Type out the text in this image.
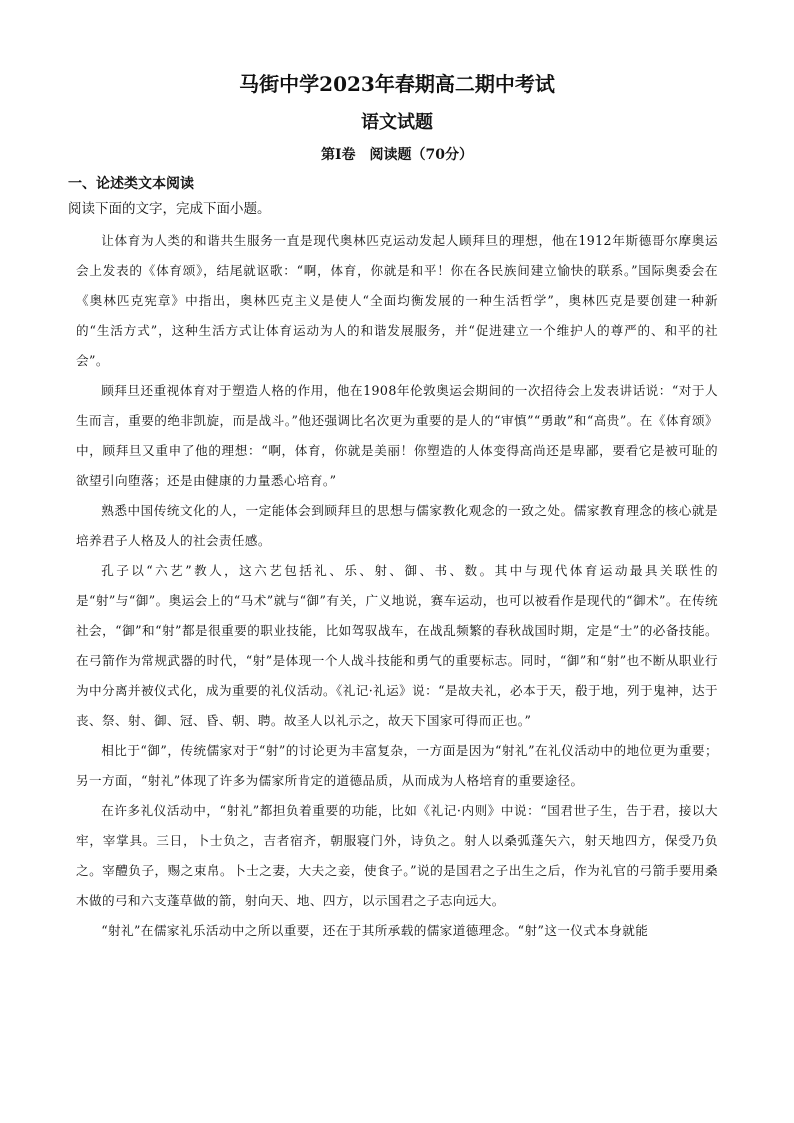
马街中学2023年春期高二期中考试
语文试题
第I卷　阅读题（70分）
一、论述类文本阅读
阅读下面的文字，完成下面小题。

让体育为人类的和谐共生服务一直是现代奥林匹克运动发起人顾拜旦的理想，他在1912年斯德哥尔摩奥运会上发表的《体育颂》，结尾就讴歌：“啊，体育，你就是和平！你在各民族间建立愉快的联系。”国际奥委会在《奥林匹克宪章》中指出，奥林匹克主义是使人“全面均衡发展的一种生活哲学”，奥林匹克是要创建一种新的“生活方式”，这种生活方式让体育运动为人的和谐发展服务，并“促进建立一个维护人的尊严的、和平的社会”。

顾拜旦还重视体育对于塑造人格的作用，他在1908年伦敦奥运会期间的一次招待会上发表讲话说：“对于人生而言，重要的绝非凯旋，而是战斗。”他还强调比名次更为重要的是人的“审慎”“勇敢”和“高贵”。在《体育颂》中，顾拜旦又重申了他的理想：“啊，体育，你就是美丽！你塑造的人体变得高尚还是卑鄙，要看它是被可耻的欲望引向堕落；还是由健康的力量悉心培育。”

熟悉中国传统文化的人，一定能体会到顾拜旦的思想与儒家教化观念的一致之处。儒家教育理念的核心就是培养君子人格及人的社会责任感。

孔子以“六艺”教人，这六艺包括礼、乐、射、御、书、数。其中与现代体育运动最具关联性的是“射”与“御”。奥运会上的“马术”就与“御”有关，广义地说，赛车运动，也可以被看作是现代的“御术”。在传统社会，“御”和“射”都是很重要的职业技能，比如驾驭战车，在战乱频繁的春秋战国时期，定是“士”的必备技能。在弓箭作为常规武器的时代，“射”是体现一个人战斗技能和勇气的重要标志。同时，“御”和“射”也不断从职业行为中分离并被仪式化，成为重要的礼仪活动。《礼记·礼运》说：“是故夫礼，必本于天，殽于地，列于鬼神，达于丧、祭、射、御、冠、昏、朝、聘。故圣人以礼示之，故天下国家可得而正也。”

相比于“御”，传统儒家对于“射”的讨论更为丰富复杂，一方面是因为“射礼”在礼仪活动中的地位更为重要；另一方面，“射礼”体现了许多为儒家所肯定的道德品质，从而成为人格培育的重要途径。

在许多礼仪活动中，“射礼”都担负着重要的功能，比如《礼记·内则》中说：“国君世子生，告于君，接以大牢，宰掌具。三日，卜士负之，吉者宿齐，朝服寝门外，诗负之。射人以桑弧蓬矢六，射天地四方，保受乃负之。宰醴负子，赐之束帛。卜士之妻，大夫之妾，使食子。”说的是国君之子出生之后，作为礼官的弓箭手要用桑木做的弓和六支蓬草做的箭，射向天、地、四方，以示国君之子志向远大。

“射礼”在儒家礼乐活动中之所以重要，还在于其所承载的儒家道德理念。“射”这一仪式本身就能
